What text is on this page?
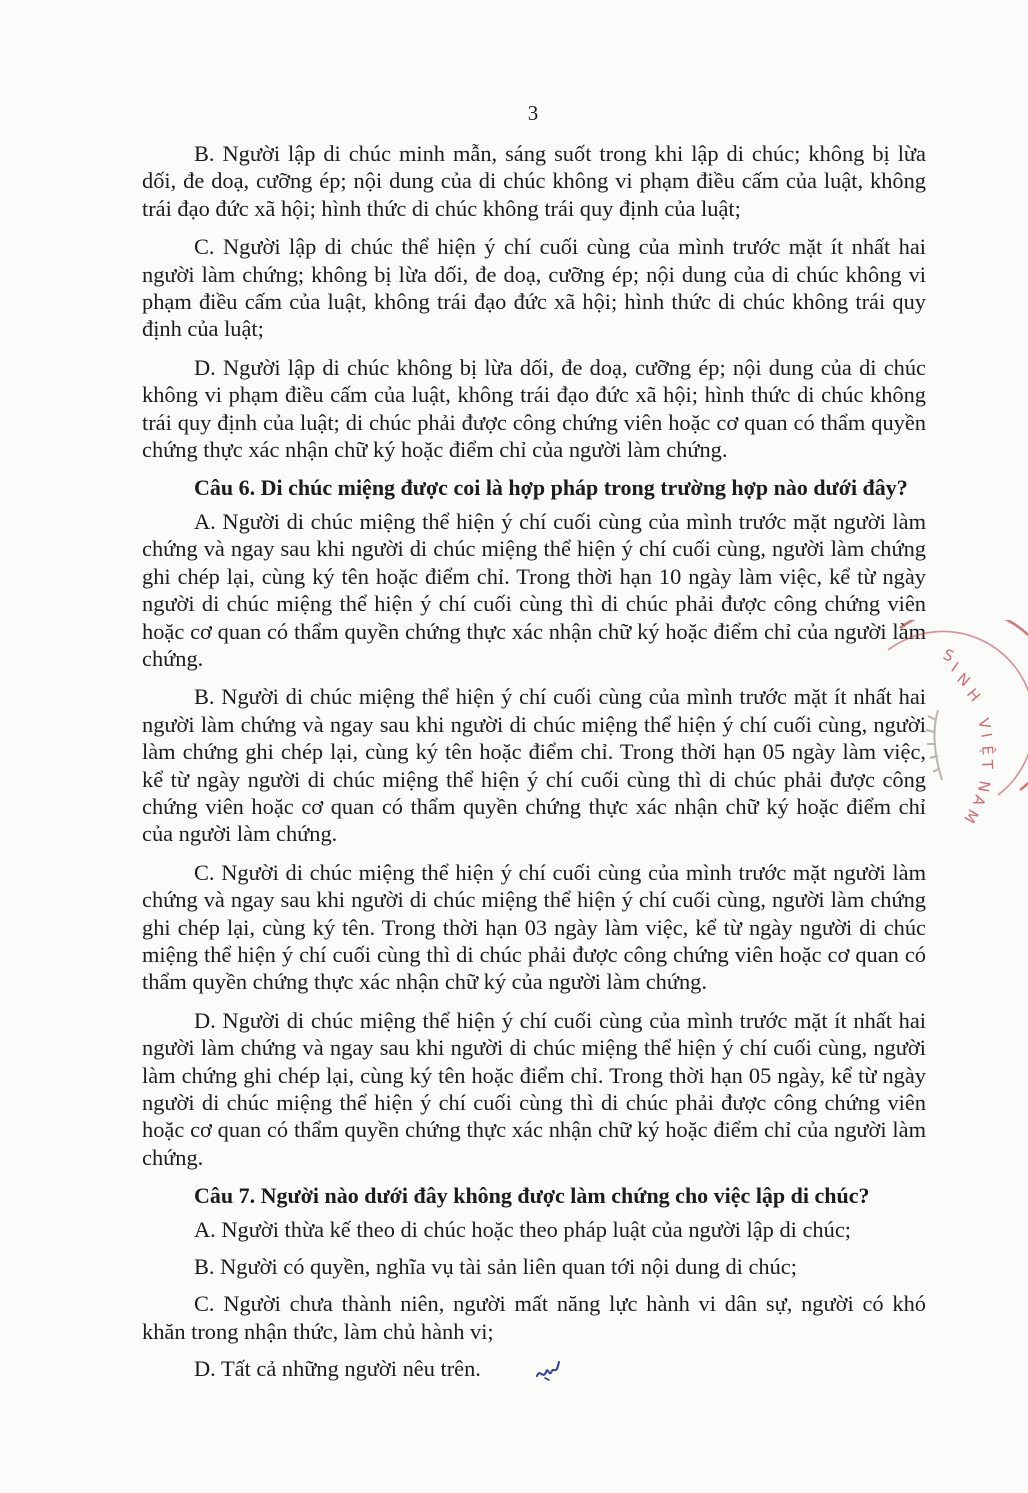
3

B. Người lập di chúc minh mẫn, sáng suốt trong khi lập di chúc; không bị lừa dối, đe doạ, cưỡng ép; nội dung của di chúc không vi phạm điều cấm của luật, không trái đạo đức xã hội; hình thức di chúc không trái quy định của luật;

C. Người lập di chúc thể hiện ý chí cuối cùng của mình trước mặt ít nhất hai người làm chứng; không bị lừa dối, đe doạ, cưỡng ép; nội dung của di chúc không vi phạm điều cấm của luật, không trái đạo đức xã hội; hình thức di chúc không trái quy định của luật;

D. Người lập di chúc không bị lừa dối, đe doạ, cưỡng ép; nội dung của di chúc không vi phạm điều cấm của luật, không trái đạo đức xã hội; hình thức di chúc không trái quy định của luật; di chúc phải được công chứng viên hoặc cơ quan có thẩm quyền chứng thực xác nhận chữ ký hoặc điểm chỉ của người làm chứng.

Câu 6. Di chúc miệng được coi là hợp pháp trong trường hợp nào dưới đây?

A. Người di chúc miệng thể hiện ý chí cuối cùng của mình trước mặt người làm chứng và ngay sau khi người di chúc miệng thể hiện ý chí cuối cùng, người làm chứng ghi chép lại, cùng ký tên hoặc điểm chỉ. Trong thời hạn 10 ngày làm việc, kể từ ngày người di chúc miệng thể hiện ý chí cuối cùng thì di chúc phải được công chứng viên hoặc cơ quan có thẩm quyền chứng thực xác nhận chữ ký hoặc điểm chỉ của người làm chứng.

B. Người di chúc miệng thể hiện ý chí cuối cùng của mình trước mặt ít nhất hai người làm chứng và ngay sau khi người di chúc miệng thể hiện ý chí cuối cùng, người làm chứng ghi chép lại, cùng ký tên hoặc điểm chỉ. Trong thời hạn 05 ngày làm việc, kể từ ngày người di chúc miệng thể hiện ý chí cuối cùng thì di chúc phải được công chứng viên hoặc cơ quan có thẩm quyền chứng thực xác nhận chữ ký hoặc điểm chỉ của người làm chứng.

C. Người di chúc miệng thể hiện ý chí cuối cùng của mình trước mặt người làm chứng và ngay sau khi người di chúc miệng thể hiện ý chí cuối cùng, người làm chứng ghi chép lại, cùng ký tên. Trong thời hạn 03 ngày làm việc, kể từ ngày người di chúc miệng thể hiện ý chí cuối cùng thì di chúc phải được công chứng viên hoặc cơ quan có thẩm quyền chứng thực xác nhận chữ ký của người làm chứng.

D. Người di chúc miệng thể hiện ý chí cuối cùng của mình trước mặt ít nhất hai người làm chứng và ngay sau khi người di chúc miệng thể hiện ý chí cuối cùng, người làm chứng ghi chép lại, cùng ký tên hoặc điểm chỉ. Trong thời hạn 05 ngày, kể từ ngày người di chúc miệng thể hiện ý chí cuối cùng thì di chúc phải được công chứng viên hoặc cơ quan có thẩm quyền chứng thực xác nhận chữ ký hoặc điểm chỉ của người làm chứng.

Câu 7. Người nào dưới đây không được làm chứng cho việc lập di chúc?

A. Người thừa kế theo di chúc hoặc theo pháp luật của người lập di chúc;

B. Người có quyền, nghĩa vụ tài sản liên quan tới nội dung di chúc;

C. Người chưa thành niên, người mất năng lực hành vi dân sự, người có khó khăn trong nhận thức, làm chủ hành vi;

D. Tất cả những người nêu trên.

S
I
N
H
V
I
Ệ
T
N
A
M
